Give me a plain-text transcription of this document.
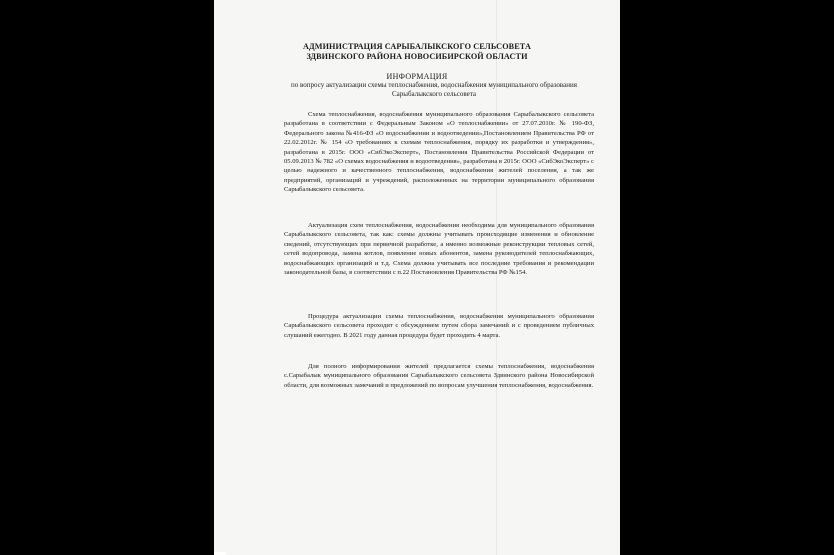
АДМИНИСТРАЦИЯ САРЫБАЛЫКСКОГО СЕЛЬСОВЕТА
ЗДВИНСКОГО РАЙОНА НОВОСИБИРСКОЙ ОБЛАСТИ
ИНФОРМАЦИЯ
по вопросу актуализации схемы теплоснабжения, водоснабжения муниципального образования Сарыбалыкского сельсовета
Схема теплоснабжения, водоснабжения муниципального образования Сарыбалыкского сельсовета разработана в соответствии с Федеральным Законом «О теплоснабжении» от 27.07.2010г. № 190-ФЗ, Федерального закона №416-ФЗ «О водоснабжении и водоотведении»,Постановлением Правительства РФ от 22.02.2012г. № 154 «О требованиях к схемам теплоснабжения, порядку их разработки и утверждения», разработана в 2015г. ООО «СибЭкоЭксперт», Постановления Правительства Российской Федерации от 05.09.2013 № 782 «О схемах водоснабжения и водоотведения», разработана в 2015г. ООО «СибЭкоЭксперт» с целью надежного и качественного теплоснабжения, водоснабжения жителей поселения, а так же предприятий, организаций и учреждений, расположенных на территории муниципального образования Сарыбалыкского сельсовета.
Актуализация схем теплоснабжения, водоснабжения необходима для муниципального образования Сарыбалыкского сельсовета, так как: схемы должны учитывать происходящие изменения и обновление сведений, отсутствующих при первичной разработке, а именно возможные реконструкции тепловых сетей, сетей водопровода, замена котлов, появление новых абонентов, замена руководителей теплоснабжающих, водоснабжающих организаций и т.д. Схема должна учитывать все последние требования и рекомендации законодательной базы, в соответствии с п.22 Постановления Правительства РФ №154.
Процедура актуализации схемы теплоснабжения, водоснабжения муниципального образования Сарыбалыкского сельсовета проходит с обсуждением путем сбора замечаний и с проведением публичных слушаний ежегодно. В 2021 году данная процедура будет проходить 4 марта.
Для полного информирования жителей предлагается схемы теплоснабжения, водоснабжения с.Сарыбалык муниципального образования Сарыбалыкского сельсовета Здвинского района Новосибирской области, для возможных замечаний и предложений по вопросам улучшения теплоснабжения, водоснабжения.
